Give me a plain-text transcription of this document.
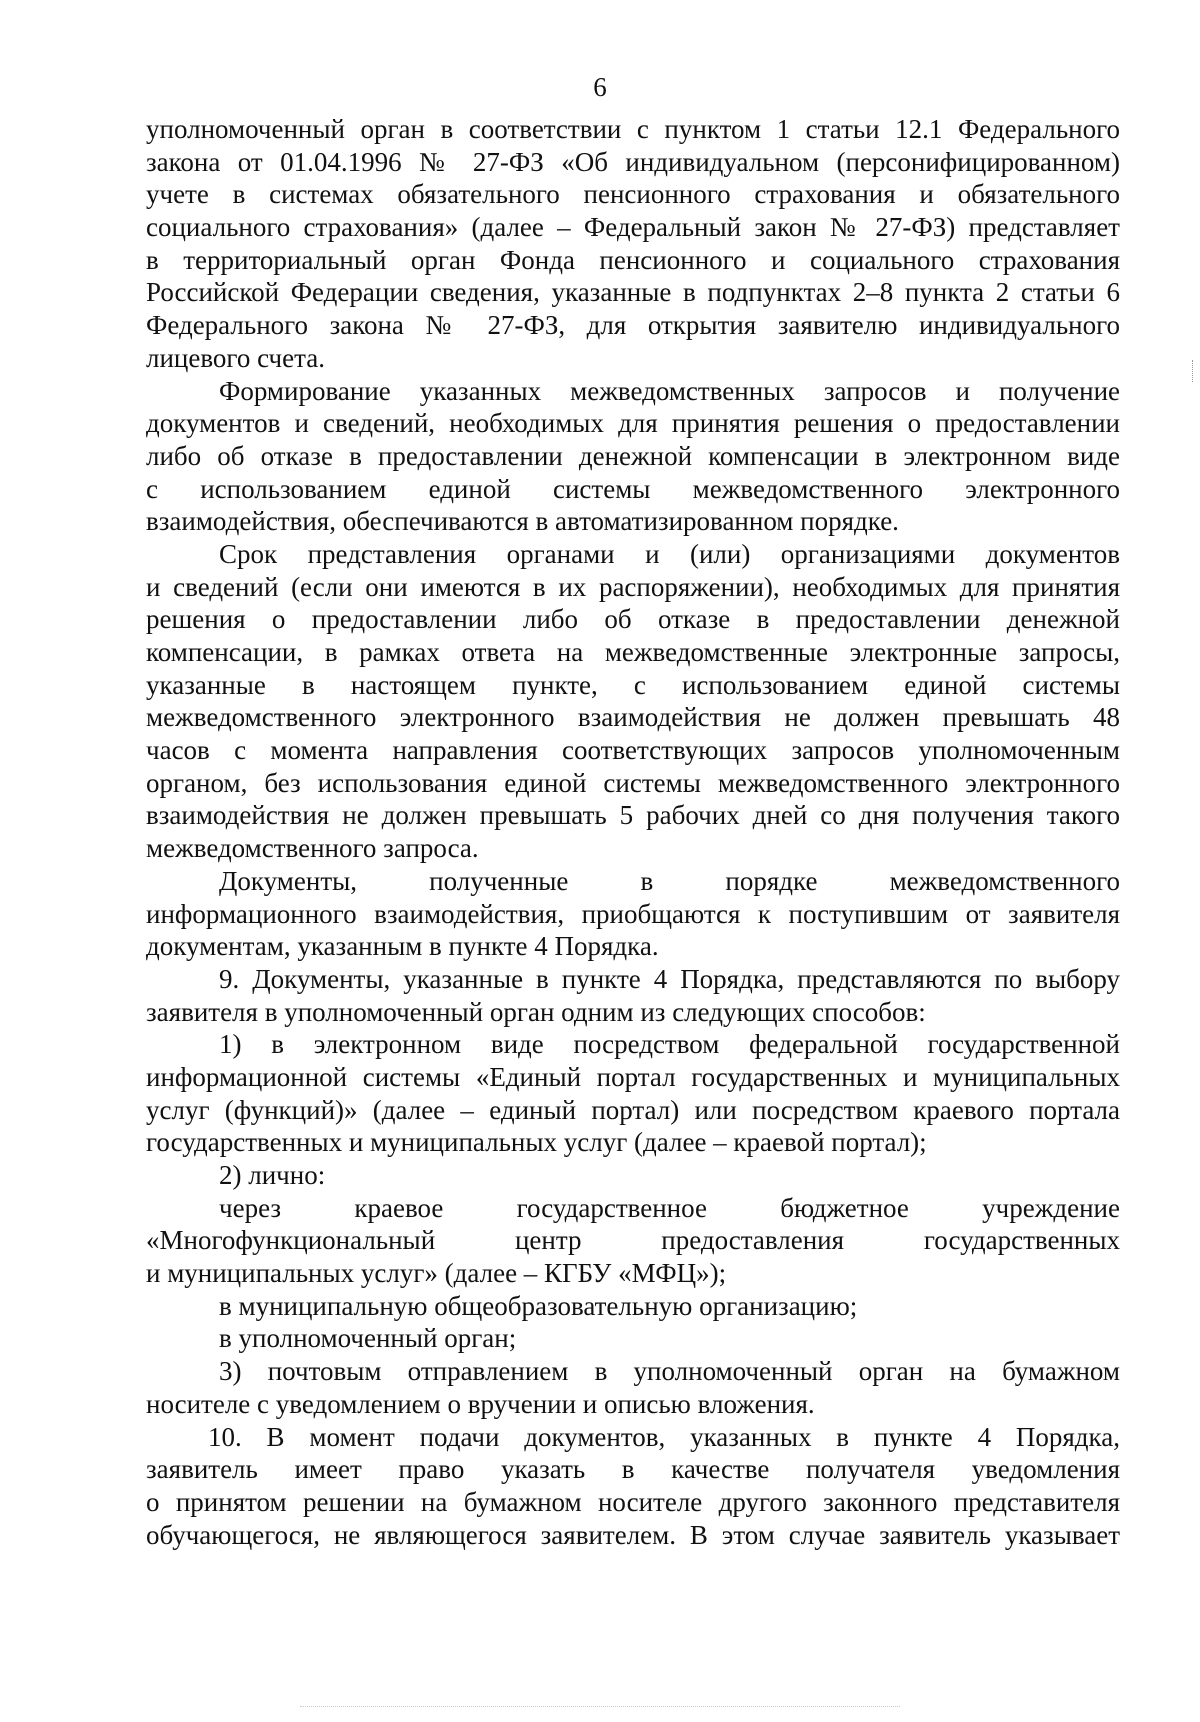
6
уполномоченный орган в соответствии с пунктом 1 статьи 12.1 Федерального
закона от 01.04.1996 № 27-ФЗ «Об индивидуальном (персонифицированном)
учете в системах обязательного пенсионного страхования и обязательного
социального страхования» (далее – Федеральный закон № 27-ФЗ) представляет
в территориальный орган Фонда пенсионного и социального страхования
Российской Федерации сведения, указанные в подпунктах 2–8 пункта 2 статьи 6
Федерального закона № 27-ФЗ, для открытия заявителю индивидуального
лицевого счета.
Формирование указанных межведомственных запросов и получение
документов и сведений, необходимых для принятия решения о предоставлении
либо об отказе в предоставлении денежной компенсации в электронном виде
с использованием единой системы межведомственного электронного
взаимодействия, обеспечиваются в автоматизированном порядке.
Срок представления органами и (или) организациями документов
и сведений (если они имеются в их распоряжении), необходимых для принятия
решения о предоставлении либо об отказе в предоставлении денежной
компенсации, в рамках ответа на межведомственные электронные запросы,
указанные в настоящем пункте, с использованием единой системы
межведомственного электронного взаимодействия не должен превышать 48
часов с момента направления соответствующих запросов уполномоченным
органом, без использования единой системы межведомственного электронного
взаимодействия не должен превышать 5 рабочих дней со дня получения такого
межведомственного запроса.
Документы, полученные в порядке межведомственного
информационного взаимодействия, приобщаются к поступившим от заявителя
документам, указанным в пункте 4 Порядка.
9. Документы, указанные в пункте 4 Порядка, представляются по выбору
заявителя в уполномоченный орган одним из следующих способов:
1) в электронном виде посредством федеральной государственной
информационной системы «Единый портал государственных и муниципальных
услуг (функций)» (далее – единый портал) или посредством краевого портала
государственных и муниципальных услуг (далее – краевой портал);
2) лично:
через краевое государственное бюджетное учреждение
«Многофункциональный центр предоставления государственных
и муниципальных услуг» (далее – КГБУ «МФЦ»);
в муниципальную общеобразовательную организацию;
в уполномоченный орган;
3) почтовым отправлением в уполномоченный орган на бумажном
носителе с уведомлением о вручении и описью вложения.
10. В момент подачи документов, указанных в пункте 4 Порядка,
заявитель имеет право указать в качестве получателя уведомления
о принятом решении на бумажном носителе другого законного представителя
обучающегося, не являющегося заявителем. В этом случае заявитель указывает
